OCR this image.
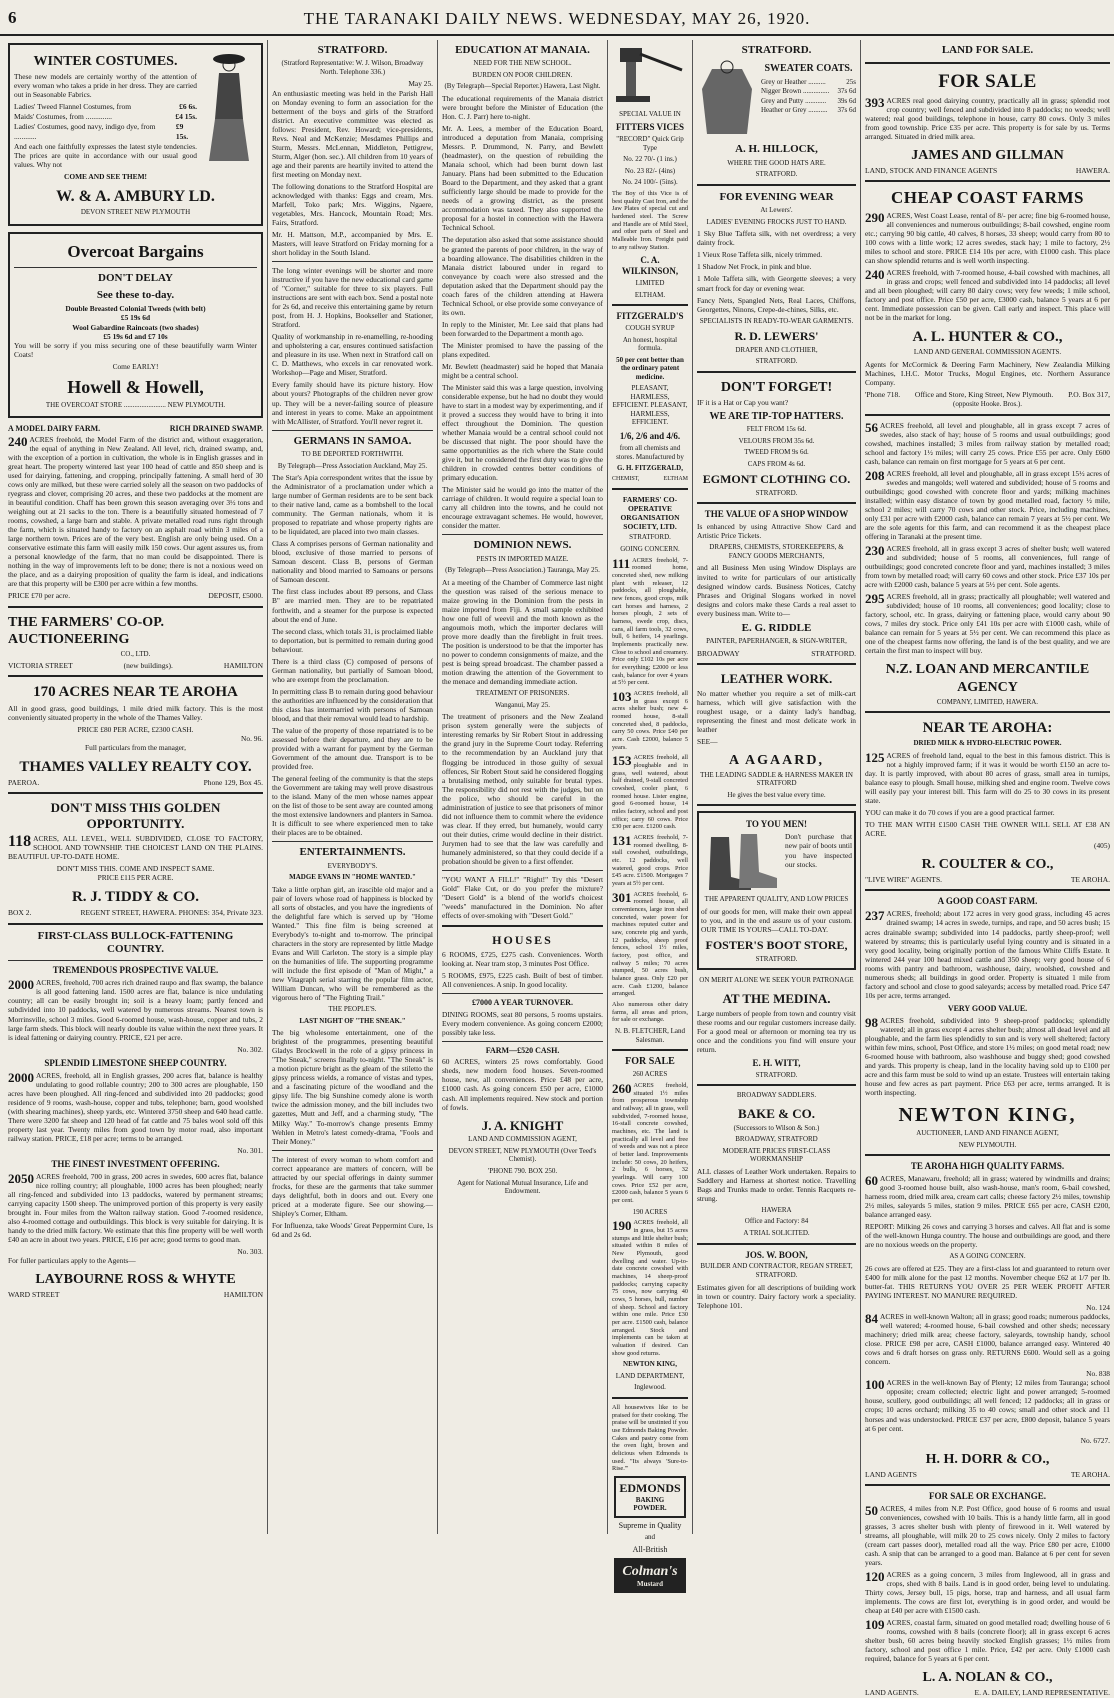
6	THE TARANAKI DAILY NEWS. WEDNESDAY, MAY 26, 1920.
WINTER COSTUMES.

These new models are certainly worthy of the attention of every woman who takes a pride in her dress. They are carried out in Seasonable Fabrics.

Ladies' Tweed Flannel Costumes, from	£6 6s.
Maids' Costumes, from ..............	£4 15s.
Ladies' Costumes, good navy, indigo dye, from ............
£9 15s.

And each one faithfully expresses the latest style tendencies. The prices are quite in accordance with our usual good values. Why not

COME AND SEE THEM!
W. & A. AMBURY LD.
DEVON STREET NEW PLYMOUTH
Overcoat Bargains
DON'T DELAY
See these to-day.
Double Breasted Colonial Tweeds (with belt)
£5 19s 6d
Wool Gabardine Raincoats (two shades)
£5 19s 6d and £7 10s

You will be sorry if you miss securing one of these beautifully warm Winter Coats!

Come EARLY!
Howell & Howell,
THE OVERCOAT STORE ........................ NEW PLYMOUTH.
A MODEL DAIRY FARM.	RICH DRAINED SWAMP.

240 ACRES freehold, the Model Farm of the district and, without exaggeration, the equal of anything in New Zealand. All level, rich, drained swamp, and, with the exception of a portion in cultivation, the whole is in English grasses and in great heart. The property wintered last year 100 head of cattle and 850 sheep and is used for dairying, fattening, and cropping, principally fattening. A small herd of 30 cows only are milked, but these were carried solely all the season on two paddocks of ryegrass and clover, comprising 20 acres, and these two paddocks at the moment are in beautiful condition. Chaff has been grown this season averaging over 3½ tons and weighing out at 21 sacks to the ton. There is a beautifully situated homestead of 7 rooms, cowshed, a large barn and stable. A private metalled road runs right through the farm, which is situated handy to factory on an asphalt road within 3 miles of a large northern town. Prices are of the very best. English are only being used. On a conservative estimate this farm will easily milk 150 cows. Our agent assures us, from a personal knowledge of the farm, that no man could be disappointed. There is nothing in the way of improvements left to be done; there is not a noxious weed on the place, and as a dairying proposition of quality the farm is ideal, and indications are that this property will be £300 per acre within a few months.

PRICE £70 per acre.	DEPOSIT, £5000.
THE FARMERS' CO-OP. AUCTIONEERING
CO., LTD.
VICTORIA STREET	(new buildings).	HAMILTON
170 ACRES NEAR TE AROHA

All in good grass, good buildings, 1 mile dried milk factory. This is the most conveniently situated property in the whole of the Thames Valley.

PRICE £80 PER ACRE, £2300 CASH.
No. 96.
Full particulars from the manager,
THAMES VALLEY REALTY COY.
PAEROA.	Phone 129, Box 45.
DON'T MISS THIS GOLDEN OPPORTUNITY.

118 ACRES, ALL LEVEL, WELL SUBDIVIDED, CLOSE TO FACTORY, SCHOOL AND TOWNSHIP. THE CHOICEST LAND ON THE PLAINS. BEAUTIFUL UP-TO-DATE HOME.

DON'T MISS THIS. COME AND INSPECT SAME.
PRICE £115 PER ACRE.
R. J. TIDDY & CO.
BOX 2.	REGENT STREET, HAWERA. PHONES: 354, Private 323.
FIRST-CLASS BULLOCK-FATTENING COUNTRY.
TREMENDOUS PROSPECTIVE VALUE.

2000 ACRES, freehold, 700 acres rich drained raupo and flax swamp, the balance is all good fattening land. 1500 acres are flat, balance is nice undulating country; all can be easily brought in; soil is a heavy loam; partly fenced and subdivided into 10 paddocks, well watered by numerous streams. Nearest town is Morrinsville, school 3 miles. Good 6-roomed house, wash-house, copper and tubs, 2 large farm sheds. This block will nearly double its value within the next three years. It is ideal fattening or dairying country. PRICE, £21 per acre.

No. 302.
SPLENDID LIMESTONE SHEEP COUNTRY.

2000 ACRES, freehold, all in English grasses, 200 acres flat, balance is healthy undulating to good rollable country; 200 to 300 acres are ploughable, 150 acres have been ploughed. All ring-fenced and subdivided into 20 paddocks; good residence of 9 rooms, wash-house, copper and tubs, telephone; barn, good woolshed (with shearing machines), sheep yards, etc. Wintered 3750 sheep and 640 head cattle. There were 3200 fat sheep and 120 head of fat cattle and 75 bales wool sold off this property last year. Twenty miles from good town by motor road, also important railway station. PRICE, £18 per acre; terms to be arranged.

No. 301.
THE FINEST INVESTMENT OFFERING.

2050 ACRES freehold, 700 in grass, 200 acres in swedes, 600 acres flat, balance nice rolling country; all ploughable, 1000 acres has been ploughed; nearly all ring-fenced and subdivided into 13 paddocks, watered by permanent streams; carrying capacity 1500 sheep. The unimproved portion of this property is very easily brought in. Four miles from the Walton railway station. Good 7-roomed residence, also 4-roomed cottage and outbuildings. This block is very suitable for dairying. It is handy to the dried milk factory. We estimate that this fine property will be well worth £40 an acre in about two years. PRICE, £16 per acre; good terms to good man.

No. 303.
For fuller particulars apply to the Agents—
LAYBOURNE ROSS & WHYTE
WARD STREET	HAMILTON
STRATFORD.
(Stratford Representative: W. J. Wilson, Broadway North. Telephone 336.)
May 25.

An enthusiastic meeting was held in the Parish Hall on Monday evening to form an association for the betterment of the boys and girls of the Stratford district. An executive committee was elected as follows: President, Rev. Howard; vice-presidents, Revs. Neal and McKenzie; Mesdames Phillips and Sturm, Messrs. McLennan, Middleton, Pettigrew, Sturm, Alger (hon. sec.). All children from 10 years of age and their parents are heartily invited to attend the first meeting on Monday next.

The following donations to the Stratford Hospital are acknowledged with thanks: Eggs and cream, Mrs. Marfell, Toko park; Mrs. Wiggins, Ngaere, vegetables, Mrs. Hancock, Mountain Road; Mrs. Fairs, Stratford.

Mr. H. Mattson, M.P., accompanied by Mrs. E. Masters, will leave Stratford on Friday morning for a short holiday in the South Island.

The long winter evenings will be shorter and more instructive if you have the new educational card game of "Corner," suitable for three to six players. Full instructions are sent with each box. Send a postal note for 2s 6d, and receive this entertaining game by return post, from H. J. Hopkins, Bookseller and Stationer, Stratford.

Quality of workmanship in re-enamelling, re-hooding and upholstering a car, ensures continued satisfaction and pleasure in its use. When next in Stratford call on C. D. Matthews, who excels in car renovated work. Workshop—Page and Miser, Stratford.

Every family should have its picture history. How about yours? Photographs of the children never grow up. They will be a never-failing source of pleasure and interest in years to come. Make an appointment with McAllister, of Stratford. You'll never regret it.

GERMANS IN SAMOA.
TO BE DEPORTED FORTHWITH.
By Telegraph—Press Association Auckland, May 25.

The Star's Apia correspondent writes that the issue by the Administrator of a proclamation under which a large number of German residents are to be sent back to their native land, came as a bombshell to the local community. The German nationals, whom it is proposed to repatriate and whose property rights are to be liquidated, are placed into two main classes.

Class A comprises persons of German nationality and blood, exclusive of those married to persons of Samoan descent. Class B, persons of German nationality and blood married to Samoans or persons of Samoan descent.

The first class includes about 89 persons, and Class B" are married men. They are to be repatriated forthwith, and a steamer for the purpose is expected about the end of June.

The second class, which totals 31, is proclaimed liable to deportation, but is permitted to remain during good behaviour.

There is a third class (C) composed of persons of German nationality, but partially of Samoan blood, who are exempt from the proclamation.

In permitting class B to remain during good behaviour the authorities are influenced by the consideration that this class has intermarried with persons of Samoan blood, and that their removal would lead to hardship.

The value of the property of those repatriated is to be assessed before their departure, and they are to be provided with a warrant for payment by the German Government of the amount due. Transport is to be provided free.

The general feeling of the community is that the steps the Government are taking may well prove disastrous to the island. Many of the men whose names appear on the list of those to be sent away are counted among the most extensive landowners and planters in Samoa. It is difficult to see where experienced men to take their places are to be obtained.

ENTERTAINMENTS.
EVERYBODY'S.
MADGE EVANS IN "HOME WANTED."

Take a little orphan girl, an irascible old major and a pair of lovers whose road of happiness is blocked by all sorts of obstacles, and you have the ingredients of the delightful fare which is served up by "Home Wanted." This fine film is being screened at Everybody's to-night and to-morrow. The principal characters in the story are represented by little Madge Evans and Will Carleton. The story is a simple play on the humanities of life. The supporting programme will include the first episode of "Man of Might," a new Vitagraph serial starring the popular film actor, William Duncan, who will be remembered as the vigorous hero of "The Fighting Trail."

THE PEOPLE'S.
LAST NIGHT OF "THE SNEAK."

The big wholesome entertainment, one of the brightest of the programmes, presenting beautiful Gladys Brockwell in the role of a gipsy princess in "The Sneak," screens finally to-night. "The Sneak" is a motion picture bright as the gleam of the stiletto the gipsy princess wields, a romance of vistas and types, and a fascinating picture of the woodland and the gipsy life. The big Sunshine comedy alone is worth twice the admission money, and the bill includes two gazettes, Mutt and Jeff, and a charming study, "The Milky Way." To-morrow's change presents Emmy Wehlen in Metro's latest comedy-drama, "Fools and Their Money."

The interest of every woman to whom comfort and correct appearance are matters of concern, will be attracted by our special offerings in dainty summer frocks, for these are the garments that take summer days delightful, both in doors and out. Every one priced at a moderate figure. See our showing.—Shipley's Corner, Eltham.

For Influenza, take Woods' Great Peppermint Cure, 1s 6d and 2s 6d.

EDUCATION AT MANAIA.
NEED FOR THE NEW SCHOOL.
BURDEN ON POOR CHILDREN.
(By Telegraph—Special Reporter.) Hawera, Last Night.

The educational requirements of the Manaia district were brought before the Minister of Education (the Hon. C. J. Parr) here to-night.

Mr. A. Lees, a member of the Education Board, introduced a deputation from Manaia, comprising Messrs. P. Drummond, N. Parry, and Bewlett (headmaster), on the question of rebuilding the Manaia school, which had been burnt down last January. Plans had been submitted to the Education Board to the Department, and they asked that a grant sufficiently large should be made to provide for the needs of a growing district, as the present accommodation was taxed. They also supported the proposal for a hostel in connection with the Hawera Technical School.

The deputation also asked that some assistance should be granted the parents of poor children, in the way of a boarding allowance. The disabilities children in the Manaia district laboured under in regard to conveyance by coach were also stressed and the deputation asked that the Department should pay the coach fares of the children attending at Hawera Technical School, or else provide some conveyance of its own.

In reply to the Minister, Mr. Lee said that plans had been forwarded to the Department a month ago.

The Minister promised to have the passing of the plans expedited.

Mr. Bewlett (headmaster) said he hoped that Manaia might be a central school.

The Minister said this was a large question, involving considerable expense, but he had no doubt they would have to start in a modest way by experimenting, and if it proved a success they would have to bring it into effect throughout the Dominion. The question whether Manaia would be a central school could not be discussed that night. The poor should have the same opportunities as the rich where the State could give it, but he considered the first duty was to give the children in crowded centres better conditions of primary education.

The Minister said he would go into the matter of the carriage of children. It would require a special loan to carry all children into the towns, and he could not encourage extravagant schemes. He would, however, consider the matter.

DOMINION NEWS.
PESTS IN IMPORTED MAIZE.
(By Telegraph—Press Association.) Tauranga, May 25.

At a meeting of the Chamber of Commerce last night the question was raised of the serious menace to maize growing in the Dominion from the pests in maize imported from Fiji. A small sample exhibited how one full of weevil and the moth known as the angoumois moth, which the importer declares will prove more deadly than the fireblight in fruit trees. The position is understood to be that the importer has no power to condemn consignments of maize, and the pest is being spread broadcast. The chamber passed a motion drawing the attention of the Government to the menace and demanding immediate action.

TREATMENT OF PRISONERS.
Wanganui, May 25.

The treatment of prisoners and the New Zealand prison system generally were the subjects of interesting remarks by Sir Robert Stout in addressing the grand jury in the Supreme Court today. Referring to the recommendation by an Auckland jury that flogging be introduced in those guilty of sexual offences, Sir Robert Stout said he considered flogging a brutalising method, only suitable for brutal types. The responsibility did not rest with the judges, but on the police, who should be careful in the administration of justice to see that prisoners of minor did not influence them to commit where the evidence was clear. If they erred, but humanely, would carry out their duties, crime would decline in their district. Jurymen had to see that the law was carefully and humanely administered, so that they could decide if a probation should be given to a first offender.

"YOU WANT A FILL!" "Right!" Try this "Desert Gold" Flake Cut, or do you prefer the mixture? "Desert Gold" is a blend of the world's choicest "weeds" manufactured in the Dominion. No after effects of over-smoking with "Desert Gold."

HOUSES

6 ROOMS, £725, £275 cash. Conveniences. Worth looking at. Near tram stop, 3 minutes Post Office.

5 ROOMS, £975, £225 cash. Built of best of timber. All conveniences. A snip. In good locality.

£7000 A YEAR TURNOVER.

DINING ROOMS, seat 80 persons, 5 rooms upstairs. Every modern convenience. As going concern £2000; possibly take less.

FARM—£520 CASH.

60 ACRES, winters 25 rows comfortably. Good sheds, new modern food houses. Seven-roomed house, new, all conveniences. Price £48 per acre, £1000 cash. As going concern £50 per acre, £1000 cash. All implements required. New stock and portion of fowls.

J. A. KNIGHT
LAND AND COMMISSION AGENT,
DEVON STREET, NEW PLYMOUTH (Over Teed's Chemist).
'PHONE 790. BOX 250.
Agent for National Mutual Insurance, Life and Endowment.
SPECIAL VALUE IN
FITTERS VICES
"RECORD" Quick Grip Type
No. 22 70/- (1 ins.)
No. 23 82/- (4ins)
No. 24 100/- (5ins).

The Boy of this Vice is of best quality Cast Iron, and the Jaw Plates of special cut and hardened steel. The Screw and Handle are of Mild Steel, and other parts of Steel and Malleable Iron. Freight paid to any railway Station.

C. A. WILKINSON,
LIMITED
ELTHAM.
FITZGERALD'S
COUGH SYRUP
An honest, hospital formula.
50 per cent better than the ordinary patent medicine.
PLEASANT, HARMLESS, EFFICIENT. PLEASANT, HARMLESS, EFFICIENT.
1/6, 2/6 and 4/6.
from all chemists and stores. Manufactured by
G. H. FITZGERALD,
CHEMIST,	ELTHAM
FARMERS' CO-OPERATIVE ORGANISATION SOCIETY, LTD.
STRATFORD.
GOING CONCERN.

111 ACRES freehold, 7-roomed home, concreted shed, new milking plant with releaser, 12 paddocks, all ploughable, new fences, good crops, milk cart horses and harness, 2 horses plough, 2 sets of harness, swede crop, discs, cans, all farm tools, 32 cows, bull, 6 heifers, 14 yearlings. Implements practically new. Close to school and creamery. Price only £102 10s per acre for everything; £2000 or less cash, balance for over 4 years at 5½ per cent.

103 ACRES freehold, all in grass except 6 acres shelter bush; new 4-roomed house, 8-stall concreted shed, 8 paddocks, carry 50 cows. Price £40 per acre. Cash £2000, balance 5 years.

153 ACRES freehold, all ploughable and in grass, well watered, about half drained, 9-stall concreted cowshed, cooler plant, 6 roomed house. Lister engine, good 6-roomed house, 14 miles factory, school and post office; carry 60 cows. Price £30 per acre. £1200 cash.

131 ACRES freehold, 7-roomed dwelling, 8-stall cowshed, outbuildings, etc. 12 paddocks, well watered, good crops. Price £45 acre. £1500. Mortgages 7 years at 5½ per cent.

301 ACRES freehold, 6-roomed house, all conveniences, large iron shed concreted, water power for machines reputed cutter and saw, concrete pig and yards, 12 paddocks, sheep proof fences, school 1½ miles, factory, post office, and railway 5 miles; 70 acres stumped, 50 acres bush, balance grass. Only £20 per acre. Cash £1200, balance arranged.

Also numerous other dairy farms, all areas and prices, for sale or exchange.

N. B. FLETCHER, Land Salesman.
FOR SALE
260 ACRES

260 ACRES freehold, situated 1½ miles from prosperous township and railway; all in grass, well subdivided, 7-roomed house, 16-stall concrete cowshed, machines, etc. The land is practically all level and free of weeds and was not a piece of better land. Improvements include: 50 cows, 20 heifers, 2 bulls, 6 horses, 32 yearlings. Will carry 100 cows. Price £52 per acre, £2000 cash, balance 5 years 6 per cent.

190 ACRES

190 ACRES freehold, all in grass, but 15 acres stumps and little shelter bush; situated within 8 miles of New Plymouth, good dwelling and water. Up-to-date concrete cowshed with machines, 14 sheep-proof paddocks; carrying capacity 75 cows, now carrying 40 cows, 5 horses, bull, number of sheep. School and factory within one mile. Price £30 per acre. £1500 cash, balance arranged. Stock and implements can be taken at valuation if desired. Can show good returns.

NEWTON KING,
LAND DEPARTMENT,
Inglewood.

All housewives like to be praised for their cooking. The praise will be unstinted if you use Edmonds Baking Powder. Cakes and pastry come from the oven light, brown and delicious when Edmonds is used. "Its always 'Sure-to-Rise.'"

EDMONDS
BAKING POWDER.
Supreme in Quality
and
All-British
Colman's
Mustard
STRATFORD.
SWEATER COATS.
Grey or Heather ..........	25s
Nigger Brown ............... 37s 6d
Grey and Putty ............ 39s 6d
Heather or Grey ........... 37s 6d
A. H. HILLOCK,
WHERE THE GOOD HATS ARE.
STRATFORD.
FOR EVENING WEAR
At Lewers'.
LADIES' EVENING FROCKS JUST TO HAND.

1 Sky Blue Taffeta silk, with net overdress; a very dainty frock.

1 Vieux Rose Taffeta silk, nicely trimmed.

1 Shadow Net Frock, in pink and blue.

1 Mole Taffeta silk, with Georgette sleeves; a very smart frock for day or evening wear.

Fancy Nets, Spangled Nets, Real Laces, Chiffons, Georgettes, Ninons, Crepe-de-chines, Silks, etc.

SPECIALISTS IN READY-TO-WEAR GARMENTS.
R. D. LEWERS'
DRAPER AND CLOTHIER,
STRATFORD.
DON'T FORGET!

IF it is a Hat or Cap you want?

WE ARE TIP-TOP HATTERS.
FELT FROM 15s 6d.
VELOURS FROM 35s 6d.
TWEED FROM 9s 6d.
CAPS FROM 4s 6d.
EGMONT CLOTHING CO.
STRATFORD.
THE VALUE OF A SHOP WINDOW

Is enhanced by using Attractive Show Card and Artistic Price Tickets.

DRAPERS, CHEMISTS, STOREKEEPERS, & FANCY GOODS MERCHANTS,

and all Business Men using Window Displays are invited to write for particulars of our artistically designed window cards. Business Notices, Catchy Phrases and Original Slogans worked in novel designs and colors make these Cards a real asset to every business man. Write to—

E. G. RIDDLE
PAINTER, PAPERHANGER, & SIGN-WRITER,
BROADWAY	STRATFORD.
LEATHER WORK.

No matter whether you require a set of milk-cart harness, which will give satisfaction with the roughest usage, or a dainty lady's handbag, representing the finest and most delicate work in leather

SEE—
A AGAARD,
THE LEADING SADDLE & HARNESS MAKER IN STRATFORD
He gives the best value every time.
TO YOU MEN!

Don't purchase that new pair of boots until you have inspected our stocks.

THE APPARENT QUALITY, AND LOW PRICES

of our goods for men, will make their own appeal to you, and in the end assure us of your custom. OUR TIME IS YOURS—CALL TO-DAY.

FOSTER'S BOOT STORE,
STRATFORD.
ON MERIT ALONE WE SEEK YOUR PATRONAGE
AT THE MEDINA.

Large numbers of people from town and country visit these rooms and our regular customers increase daily. For a good meal or afternoon or morning tea try us once and the conditions you find will ensure your return.

E. H. WITT,
STRATFORD.
BROADWAY SADDLERS.
BAKE & CO.
(Successors to Wilson & Son.)
BROADWAY, STRATFORD
MODERATE PRICES FIRST-CLASS WORKMANSHIP

ALL classes of Leather Work undertaken. Repairs to Saddlery and Harness at shortest notice. Travelling Bags and Trunks made to order. Tennis Racquets re-strung.

HAWERA
Office and Factory: 84
A TRIAL SOLICITED.
JOS. W. BOON,
BUILDER AND CONTRACTOR, REGAN STREET, STRATFORD.

Estimates given for all descriptions of building work in town or country. Dairy factory work a speciality. Telephone 101.

LAND FOR SALE.
FOR SALE

393 ACRES real good dairying country, practically all in grass; splendid root crop country; well fenced and subdivided into 8 paddocks; no weeds; well watered; real good buildings, telephone in house, carry 80 cows. Only 3 miles from good township. Price £35 per acre. This property is for sale by us. Terms arranged. Situated in dried milk area.

JAMES AND GILLMAN
LAND, STOCK AND FINANCE AGENTS	HAWERA.
CHEAP COAST FARMS

290 ACRES, West Coast Lease, rental of 8/- per acre; fine big 6-roomed house, all conveniences and numerous outbuildings; 8-bail cowshed, engine room etc.; carrying 90 big cattle, 40 calves, 8 horses, 33 sheep; would carry from 80 to 100 cows with a little work; 12 acres swedes, stack hay; 1 mile to factory, 2½ miles to school and store. PRICE £14 10s per acre, with £1000 cash. This place can show splendid returns and is well worth inspecting.

240 ACRES freehold, with 7-roomed house, 4-bail cowshed with machines, all in grass and crops; well fenced and subdivided into 14 paddocks; all level and all been ploughed; will carry 80 dairy cows; very few weeds; 1 mile school, factory and post office. Price £50 per acre, £3000 cash, balance 5 years at 6 per cent. Immediate possession can be given. Call early and inspect. This place will not be in the market for long.

A. L. HUNTER & CO.,
LAND AND GENERAL COMMISSION AGENTS.

Agents for McCormick & Deering Farm Machinery, New Zealandia Milking Machines, I.H.C. Motor Trucks, Mogul Engines, etc. Northern Assurance Company.

'Phone 718. Office and Store, King Street, New Plymouth. P.O. Box 317,
(opposite Hooke. Bros.).

56 ACRES freehold, all level and ploughable, all in grass except 7 acres of swedes, also stack of hay; house of 5 rooms and usual outbuildings; good cowshed, machines installed; 3 miles from railway station by metalled road; school and factory 1½ miles; will carry 25 cows. Price £55 per acre. Only £600 cash, balance can remain on first mortgage for 5 years at 6 per cent.

208 ACRES freehold, all level and ploughable, all in grass except 15½ acres of swedes and mangolds; well watered and subdivided; house of 5 rooms and outbuildings; good cowshed with concrete floor and yards; milking machines installed; within easy distance of town by good metalled road, factory ½ mile, school 2 miles; will carry 70 cows and other stock. Price, including machines, only £31 per acre with £2000 cash, balance can remain 7 years at 5½ per cent. We are the sole agents for this farm, and can recommend it as the cheapest place offering in Taranaki at the present time.

230 ACRES freehold, all in grass except 3 acres of shelter bush; well watered and subdivided; house of 5 rooms, all conveniences, full range of outbuildings; good concreted concrete floor and yard, machines installed; 3 miles from town by metalled road; will carry 60 cows and other stock. Price £37 10s per acre with £2000 cash, balance 5 years at 5½ per cent. Sole agents.

295 ACRES freehold, all in grass; practically all ploughable; well watered and subdivided; house of 10 rooms, all conveniences; good locality; close to factory, school, etc. In grass, dairying or fattening place, would carry about 90 cows, 7 miles dry stock. Price only £41 10s per acre with £1000 cash, while of balance can remain for 5 years at 5½ per cent. We can recommend this place as one of the cheapest farms now offering, the land is of the best quality, and we are certain the first man to inspect will buy.

N.Z. LOAN AND MERCANTILE AGENCY
COMPANY, LIMITED, HAWERA.
NEAR TE AROHA:
DRIED MILK & HYDRO-ELECTRIC POWER.

125 ACRES of freehold land, equal to the best in this famous district. This is not a highly improved farm; if it was it would be worth £150 an acre to-day. It is partly improved, with about 80 acres of grass, small area in turnips, balance easy to plough. Small house, milking shed and engine room. Twelve cows will easily pay your interest bill. This farm will do 25 to 30 cows in its present state.

YOU can make it do 70 cows if you are a good practical farmer.

TO THE MAN WITH £1500 CASH THE OWNER WILL SELL AT £38 AN ACRE.

(405)
R. COULTER & CO.,
"LIVE WIRE" AGENTS.	TE AROHA.
A GOOD COAST FARM.

237 ACRES, freehold; about 172 acres in very good grass, including 45 acres drained swamp; 14 acres in swede, turnips, and rape, and 50 acres bush; 15 acres drainable swamp; subdivided into 14 paddocks, partly sheep-proof; well watered by streams; this is particularly useful lying country and is situated in a very good locality, being originally portion of the famous White Cliffs Estate. It wintered 244 year 100 head mixed cattle and 350 sheep; very good house of 6 rooms with pantry and bathroom, washhouse, dairy, woolshed, cowshed and numerous sheds; all buildings in good order. Property is situated 1 mile from factory and school and close to good saleyards; access by metalled road. Price £47 10s per acre, terms arranged.

VERY GOOD VALUE.

98 ACRES freehold, subdivided into 9 sheep-proof paddocks; splendidly watered; all in grass except 4 acres shelter bush; almost all dead level and all ploughable, and the farm lies splendidly to sun and is very well sheltered; factory within few mins, school, Post Office, and store 1½ miles; on good metal road; new 6-roomed house with bathroom, also washhouse and buggy shed; good cowshed and yards. This property is cheap, land in the locality having sold up to £100 per acre and this farm must be sold to wind up an estate. Trustees will entertain taking house and few acres as part payment. Price £63 per acre, terms arranged. It is worth inspecting.

NEWTON KING,
AUCTIONEER, LAND AND FINANCE AGENT,
NEW PLYMOUTH.
TE AROHA HIGH QUALITY FARMS.

60 ACRES, Manawaru, freehold; all in grass; watered by windmills and drains; good 3-roomed house built, also wash-house, man's room, 6-bail cowshed, harness room, dried milk area, cream cart calls; cheese factory 2½ miles, township 2½ miles, saleyards 5 miles, station 9 miles. PRICE £65 per acre, CASH £200, balance arranged easy.

REPORT: Milking 26 cows and carrying 3 horses and calves. All flat and is some of the well-known Hunga country. The house and outbuildings are good, and there are no noxious weeds on the property.

AS A GOING CONCERN.

26 cows are offered at £25. They are a first-class lot and guaranteed to return over £400 for milk alone for the past 12 months. November cheque £62 at 1/7 per lb. butter-fat. THIS RETURNS YOU OVER 25 PER WEEK PROFIT AFTER PAYING INTEREST. NO MANURE REQUIRED.

No. 124

84 ACRES in well-known Walton; all in grass; good roads; numerous paddocks, well watered; 4-roomed house, 6-bail cowshed and other sheds; necessary machinery; dried milk area; cheese factory, saleyards, township handy, school close. PRICE £98 per acre, CASH £1000, balance arranged easy. Wintered 40 cows and 6 draft horses on grass only. RETURNS £600. Would sell as a going concern.

No. 838

100 ACRES in the well-known Bay of Plenty; 12 miles from Tauranga; school opposite; cream collected; electric light and power arranged; 5-roomed house, scullery, good outbuildings; all well fenced; 12 paddocks; all in grass or crops; 10 acres orchard; milking 35 to 40 cows; small and other stock and 11 horses and was understocked. PRICE £37 per acre, £800 deposit, balance 5 years at 6 per cent.

No. 6727.
H. H. DORR & CO.,
LAND AGENTS	TE AROHA.
FOR SALE OR EXCHANGE.

50 ACRES, 4 miles from N.P. Post Office, good house of 6 rooms and usual conveniences, cowshed with 10 bails. This is a handy little farm, all in good grasses, 3 acres shelter bush with plenty of firewood in it. Well watered by streams, all ploughable, will milk 20 to 25 cows nicely. Only 2 miles to factory (cream cart passes door), metalled road all the way. Price £80 per acre, £1000 cash. A snip that can be arranged to a good man. Balance at 6 per cent for seven years.

120 ACRES as a going concern, 3 miles from Inglewood, all in grass and crops, shed with 8 bails. Land is in good order, being level to undulating. Thirty cows, Jersey bull, 15 pigs, horse, trap and harness, and all usual farm implements. The cows are first lot, everything is in good order, and would be cheap at £40 per acre with £1500 cash.

109 ACRES, coastal farm, situated on good metalled road; dwelling house of 6 rooms, cowshed with 8 bails (concrete floor); all in grass except 6 acres shelter bush, 60 acres being heavily stocked English grasses; 1½ miles from factory, school and post office 1 mile. Price, £42 per acre. Only £1000 cash required, balance for 5 years at 6 per cent.

L. A. NOLAN & CO.,
LAND AGENTS.	E. A. DAILEY, LAND REPRESENTATIVE.
